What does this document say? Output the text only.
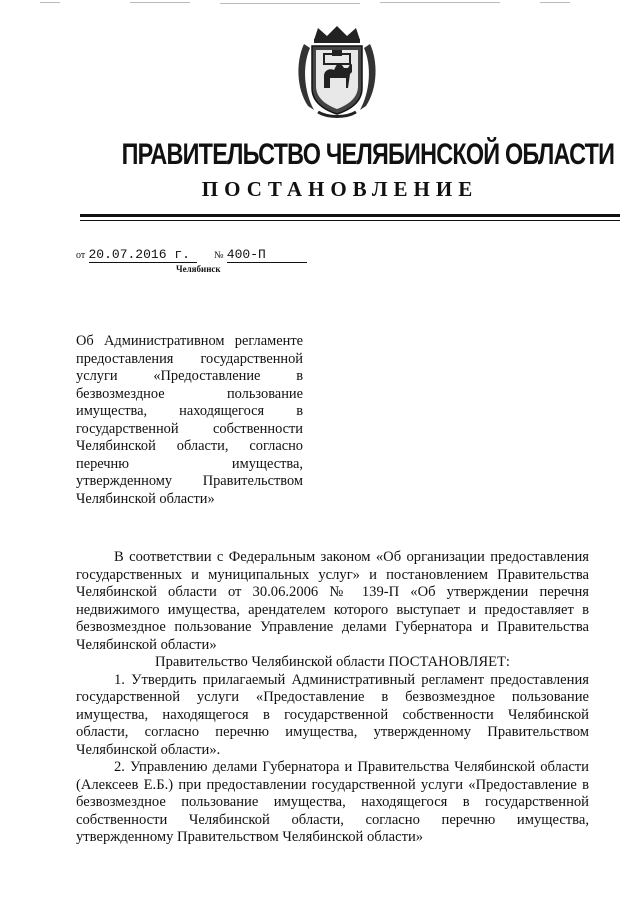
ПРАВИТЕЛЬСТВО ЧЕЛЯБИНСКОЙ ОБЛАСТИ
ПОСТАНОВЛЕНИЕ
от 20.07.2016 г. № 400-П
Челябинск
Об Административном регламенте предоставления государственной услуги «Предоставление в безвозмездное пользование имущества, находящегося в государственной собственности Челябинской области, согласно перечню имущества, утвержденному Правительством Челябинской области»

В соответствии с Федеральным законом «Об организации предоставления государственных и муниципальных услуг» и постановлением Правительства Челябинской области от 30.06.2006 № 139-П «Об утверждении перечня недвижимого имущества, арендателем которого выступает и предоставляет в безвозмездное пользование Управление делами Губернатора и Правительства Челябинской области»

Правительство Челябинской области ПОСТАНОВЛЯЕТ:

1. Утвердить прилагаемый Административный регламент предоставления государственной услуги «Предоставление в безвозмездное пользование имущества, находящегося в государственной собственности Челябинской области, согласно перечню имущества, утвержденному Правительством Челябинской области».

2. Управлению делами Губернатора и Правительства Челябинской области (Алексеев Е.Б.) при предоставлении государственной услуги «Предоставление в безвозмездное пользование имущества, находящегося в государственной собственности Челябинской области, согласно перечню имущества, утвержденному Правительством Челябинской области»
